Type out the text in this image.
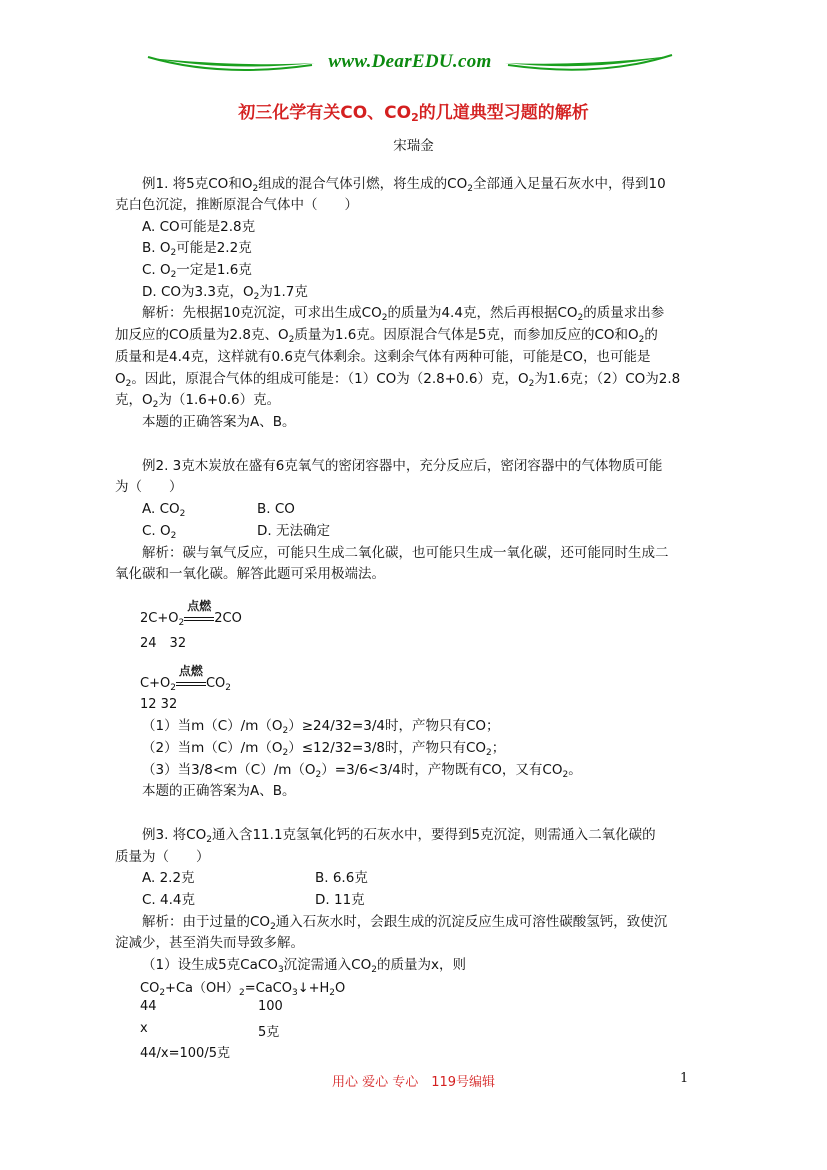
www.DearEDU.com
初三化学有关CO、$CO_2$的几道典型习题的解析
宋瑞金
例1. 将5克CO和$O_2$组成的混合气体引燃，将生成的$CO_2$全部通入足量石灰水中，得到10
克白色沉淀，推断原混合气体中（　　）
A. CO可能是2.8克
B. $O_2$可能是2.2克
C. $O_2$一定是1.6克
D. CO为3.3克，$O_2$为1.7克
解析：先根据10克沉淀，可求出生成$CO_2$的质量为4.4克，然后再根据$CO_2$的质量求出参
加反应的CO质量为2.8克、$O_2$质量为1.6克。因原混合气体是5克，而参加反应的CO和$O_2$的
质量和是4.4克，这样就有0.6克气体剩余。这剩余气体有两种可能，可能是CO，也可能是
$O_2$。因此，原混合气体的组成可能是：（1）CO为（2.8+0.6）克，$O_2$为1.6克；（2）CO为2.8
克，$O_2$为（1.6+0.6）克。
本题的正确答案为A、B。
例2. 3克木炭放在盛有6克氧气的密闭容器中，充分反应后，密闭容器中的气体物质可能
为（　　）
A. $CO_2$	B. CO
C. $O_2$	D. 无法确定
解析：碳与氧气反应，可能只生成二氧化碳，也可能只生成一氧化碳，还可能同时生成二
氧化碳和一氧化碳。解答此题可采用极端法。
$2C+O_2$
点燃
2CO
24　32
$C+O_2$
点燃
$CO_2$
12 32
（1）当$m(C)/m(O_2)\ge 24/32=3/4$时，产物只有CO；
（2）当$m(C)/m(O_2)\le 12/32=3/8$时，产物只有$CO_2$；
（3）当$3/8<m(C)/m(O_2)=3/6<3/4$时，产物既有CO，又有$CO_2$。
本题的正确答案为A、B。
例3. 将$CO_2$通入含11.1克氢氧化钙的石灰水中，要得到5克沉淀，则需通入二氧化碳的
质量为（　　）
A. 2.2克	B. 6.6克
C. 4.4克	D. 11克
解析：由于过量的$CO_2$通入石灰水时，会跟生成的沉淀反应生成可溶性碳酸氢钙，致使沉
淀减少，甚至消失而导致多解。
（1）设生成5克CaCO$_3$沉淀需通入$CO_2$的质量为x，则
$CO_2+Ca(OH)_2=CaCO_3↓+H_2O$
44	100
x	5克
44/x=100/5克
用心 爱心 专心　119号编辑	1
